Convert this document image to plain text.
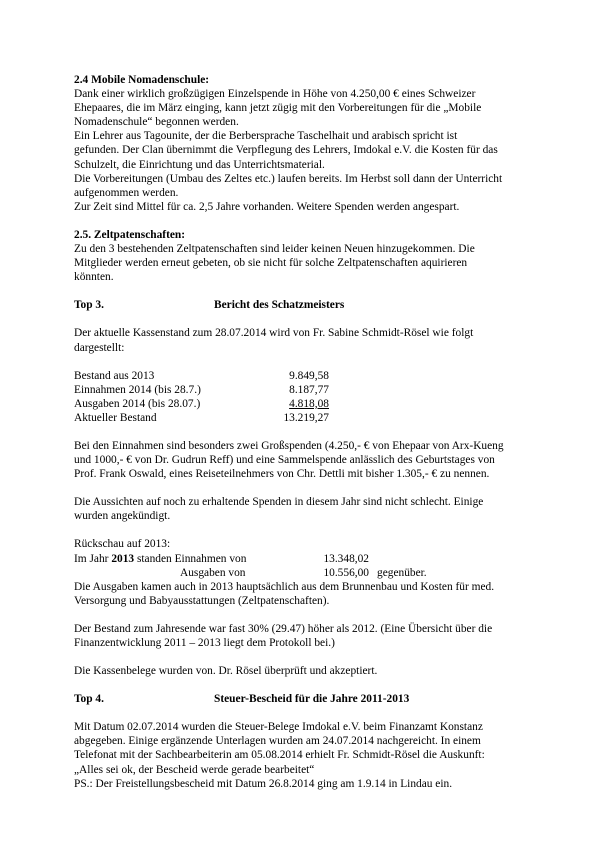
2.4 Mobile Nomadenschule:

Dank einer wirklich großzügigen Einzelspende in Höhe von 4.250,00 € eines Schweizer

Ehepaares, die im März einging, kann jetzt zügig mit den Vorbereitungen für die „Mobile

Nomadenschule“ begonnen werden.

Ein Lehrer aus Tagounite, der die Berbersprache Taschelhait und arabisch spricht ist

gefunden. Der Clan übernimmt die Verpflegung des Lehrers, Imdokal e.V. die Kosten für das

Schulzelt, die Einrichtung und das Unterrichtsmaterial.

Die Vorbereitungen (Umbau des Zeltes etc.) laufen bereits. Im Herbst soll dann der Unterricht

aufgenommen werden.

Zur Zeit sind Mittel für ca. 2,5 Jahre vorhanden. Weitere Spenden werden angespart.

2.5. Zeltpatenschaften:

Zu den 3 bestehenden Zeltpatenschaften sind leider keinen Neuen hinzugekommen. Die

Mitglieder werden erneut gebeten, ob sie nicht für solche Zeltpatenschaften aquirieren

könnten.

Top 3.	Bericht des Schatzmeisters

Der aktuelle Kassenstand zum 28.07.2014 wird von Fr. Sabine Schmidt-Rösel wie folgt

dargestellt:

Bestand aus 2013	9.849,58
Einnahmen 2014 (bis 28.7.)	8.187,77
Ausgaben 2014 (bis 28.07.)	4.818,08
Aktueller Bestand	13.219,27

Bei den Einnahmen sind besonders zwei Großspenden (4.250,- € von Ehepaar von Arx-Kueng

und 1000,- € von Dr. Gudrun Reff) und eine Sammelspende anlässlich des Geburtstages von

Prof. Frank Oswald, eines Reiseteilnehmers von Chr. Dettli mit bisher 1.305,- € zu nennen.

Die Aussichten auf noch zu erhaltende Spenden in diesem Jahr sind nicht schlecht. Einige

wurden angekündigt.

Rückschau auf 2013:

Im Jahr 2013 standen Einnahmen von	13.348,02
Ausgaben von	10.556,00 gegenüber.

Die Ausgaben kamen auch in 2013 hauptsächlich aus dem Brunnenbau und Kosten für med.

Versorgung und Babyausstattungen (Zeltpatenschaften).

Der Bestand zum Jahresende war fast 30% (29.47) höher als 2012. (Eine Übersicht über die

Finanzentwicklung 2011 – 2013 liegt dem Protokoll bei.)

Die Kassenbelege wurden von. Dr. Rösel überprüft und akzeptiert.

Top 4.	Steuer-Bescheid für die Jahre 2011-2013

Mit Datum 02.07.2014 wurden die Steuer-Belege Imdokal e.V. beim Finanzamt Konstanz

abgegeben. Einige ergänzende Unterlagen wurden am 24.07.2014 nachgereicht. In einem

Telefonat mit der Sachbearbeiterin am 05.08.2014 erhielt Fr. Schmidt-Rösel die Auskunft:

„Alles sei ok, der Bescheid werde gerade bearbeitet“

PS.: Der Freistellungsbescheid mit Datum 26.8.2014 ging am 1.9.14 in Lindau ein.
